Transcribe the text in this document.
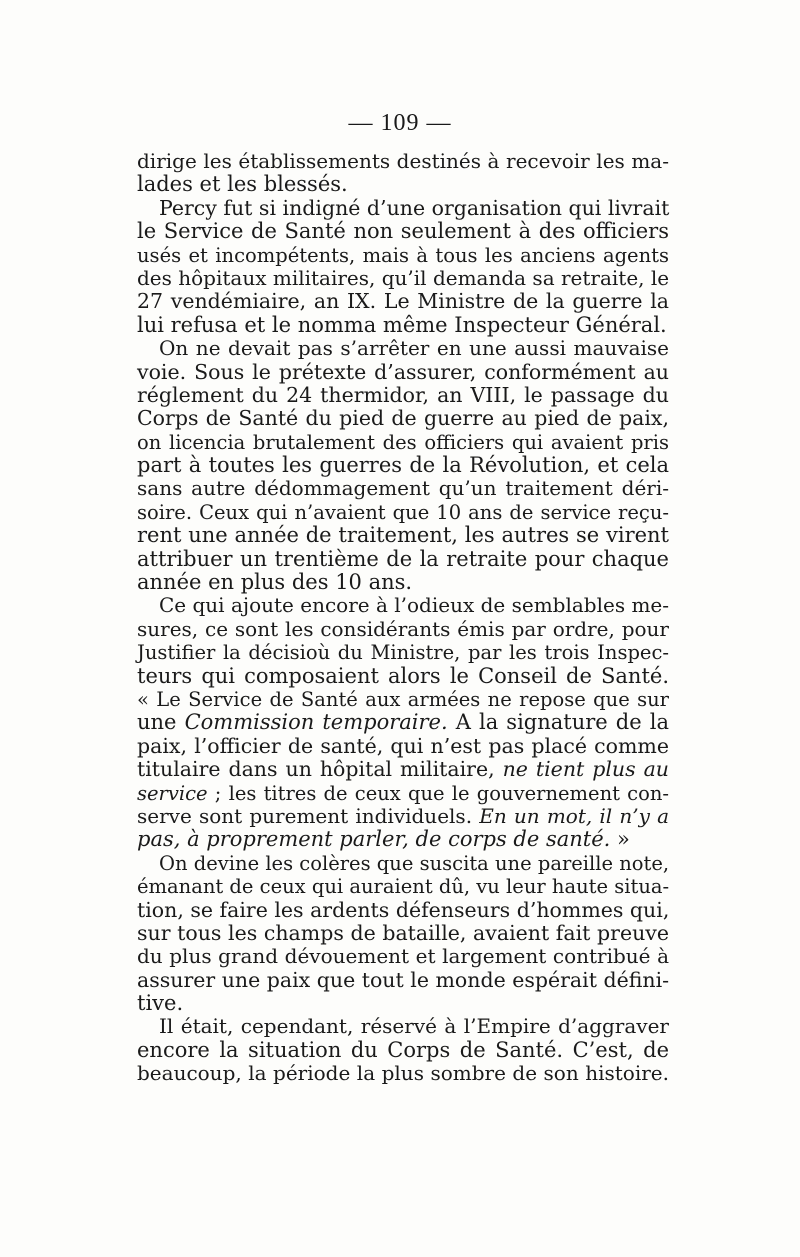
— 109 —
dirige les établissements destinés à recevoir les ma-
lades et les blessés.
Percy fut si indigné d’une organisation qui livrait
le Service de Santé non seulement à des officiers
usés et incompétents, mais à tous les anciens agents
des hôpitaux militaires, qu’il demanda sa retraite, le
27 vendémiaire, an IX. Le Ministre de la guerre la
lui refusa et le nomma même Inspecteur Général.
On ne devait pas s’arrêter en une aussi mauvaise
voie. Sous le prétexte d’assurer, conformément au
réglement du 24 thermidor, an VIII, le passage du
Corps de Santé du pied de guerre au pied de paix,
on licencia brutalement des officiers qui avaient pris
part à toutes les guerres de la Révolution, et cela
sans autre dédommagement qu’un traitement déri-
soire. Ceux qui n’avaient que 10 ans de service reçu-
rent une année de traitement, les autres se virent
attribuer un trentième de la retraite pour chaque
année en plus des 10 ans.
Ce qui ajoute encore à l’odieux de semblables me-
sures, ce sont les considérants émis par ordre, pour
Justifier la décisioù du Ministre, par les trois Inspec-
teurs qui composaient alors le Conseil de Santé.
« Le Service de Santé aux armées ne repose que sur
une Commission temporaire. A la signature de la
paix, l’officier de santé, qui n’est pas placé comme
titulaire dans un hôpital militaire, ne tient plus au
service ; les titres de ceux que le gouvernement con-
serve sont purement individuels. En un mot, il n’y a
pas, à proprement parler, de corps de santé. »
On devine les colères que suscita une pareille note,
émanant de ceux qui auraient dû, vu leur haute situa-
tion, se faire les ardents défenseurs d’hommes qui,
sur tous les champs de bataille, avaient fait preuve
du plus grand dévouement et largement contribué à
assurer une paix que tout le monde espérait défini-
tive.
Il était, cependant, réservé à l’Empire d’aggraver
encore la situation du Corps de Santé. C’est, de
beaucoup, la période la plus sombre de son histoire.
